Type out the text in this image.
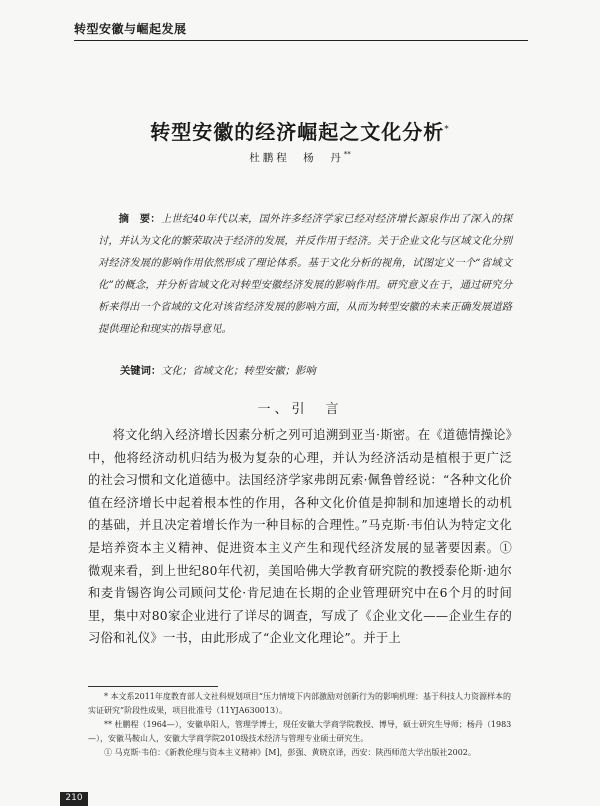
转型安徽与崛起发展
转型安徽的经济崛起之文化分析*
杜鹏程　杨　丹**
摘　要：上世纪40年代以来，国外许多经济学家已经对经济增长源泉作出了深入的探讨，并认为文化的繁荣取决于经济的发展，并反作用于经济。关于企业文化与区域文化分别对经济发展的影响作用依然形成了理论体系。基于文化分析的视角，试图定义一个“省域文化”的概念，并分析省域文化对转型安徽经济发展的影响作用。研究意义在于，通过研究分析来得出一个省域的文化对该省经济发展的影响方面，从而为转型安徽的未来正确发展道路提供理论和现实的指导意见。
关键词：文化；省域文化；转型安徽；影响
一、引　言
将文化纳入经济增长因素分析之列可追溯到亚当·斯密。在《道德情操论》中，他将经济动机归结为极为复杂的心理，并认为经济活动是植根于更广泛的社会习惯和文化道德中。法国经济学家弗朗瓦索·佩鲁曾经说：“各种文化价值在经济增长中起着根本性的作用，各种文化价值是抑制和加速增长的动机的基础，并且决定着增长作为一种目标的合理性。”马克斯·韦伯认为特定文化是培养资本主义精神、促进资本主义产生和现代经济发展的显著要因素。①微观来看，到上世纪80年代初，美国哈佛大学教育研究院的教授泰伦斯·迪尔和麦肯锡咨询公司顾问艾伦·肯尼迪在长期的企业管理研究中在6个月的时间里，集中对80家企业进行了详尽的调查，写成了《企业文化——企业生存的习俗和礼仪》一书，由此形成了“企业文化理论”。并于上

* 本文系2011年度教育部人文社科规划项目“压力情境下内部激励对创新行为的影响机理：基于科技人力资源样本的实证研究”阶段性成果，项目批准号（11YJA630013）。

** 杜鹏程（1964—），安徽阜阳人，管理学博士，现任安徽大学商学院教授、博导，硕士研究生导师；杨丹（1983—），安徽马鞍山人，安徽大学商学院2010级技术经济与管理专业硕士研究生。

① 马克斯·韦伯：《新教伦理与资本主义精神》[M]，彭强、黄晓京译，西安：陕西师范大学出版社2002。

210
